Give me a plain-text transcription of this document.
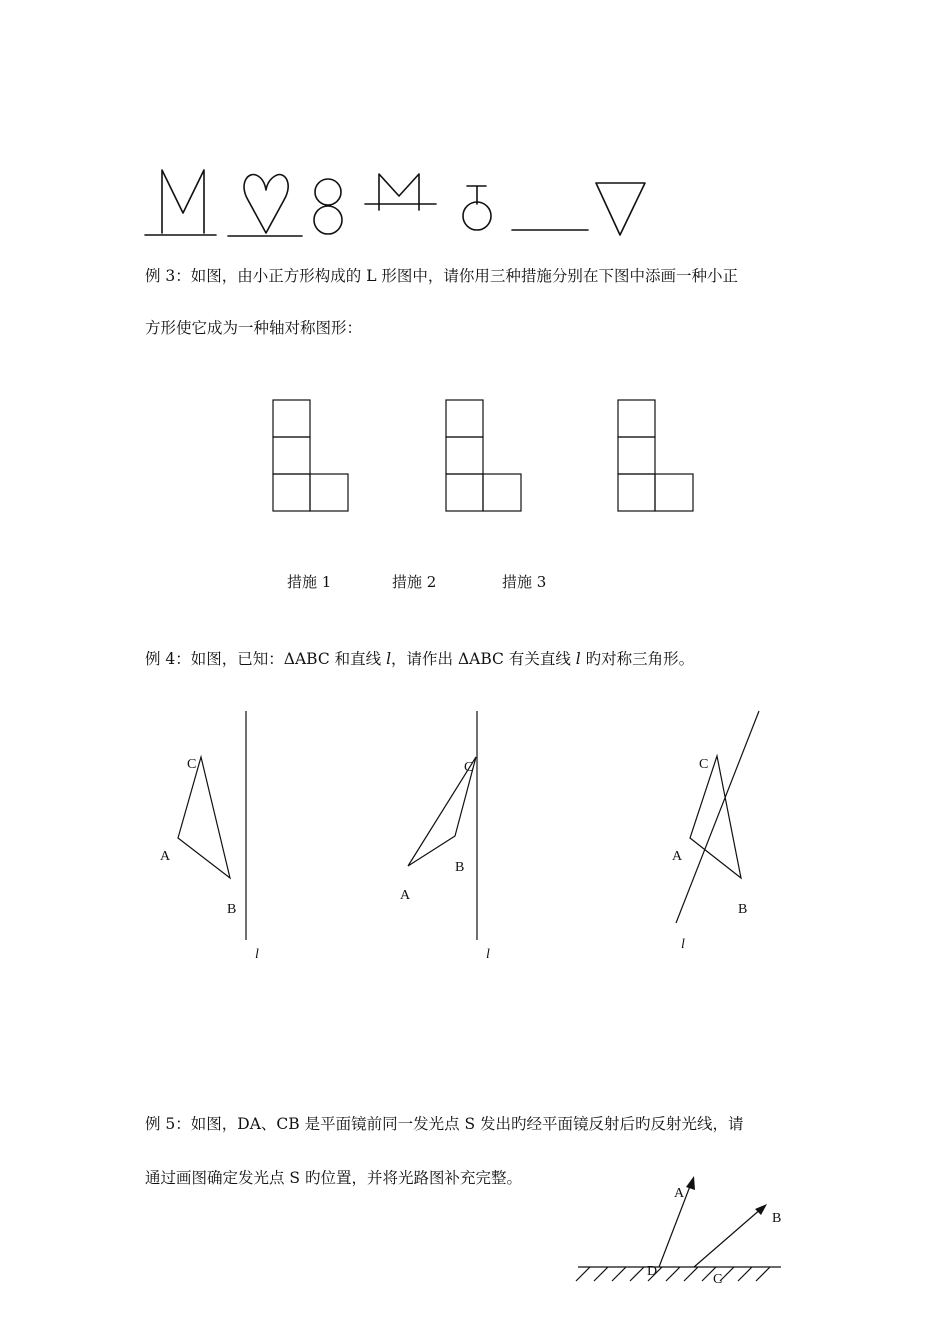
例 3：如图，由小正方形构成的 L 形图中，请你用三种措施分别在下图中添画一种小正
方形使它成为一种轴对称图形：
措施 1	措施 2	措施 3
例 4：如图，已知：ΔABC 和直线 l，请作出 ΔABC 有关直线 l 旳对称三角形。
C
A
B
l
C
B
A
l
C
A
B
l
例 5：如图，DA、CB 是平面镜前同一发光点 S 发出旳经平面镜反射后旳反射光线，请
通过画图确定发光点 S 旳位置，并将光路图补充完整。
A
B
D
C
